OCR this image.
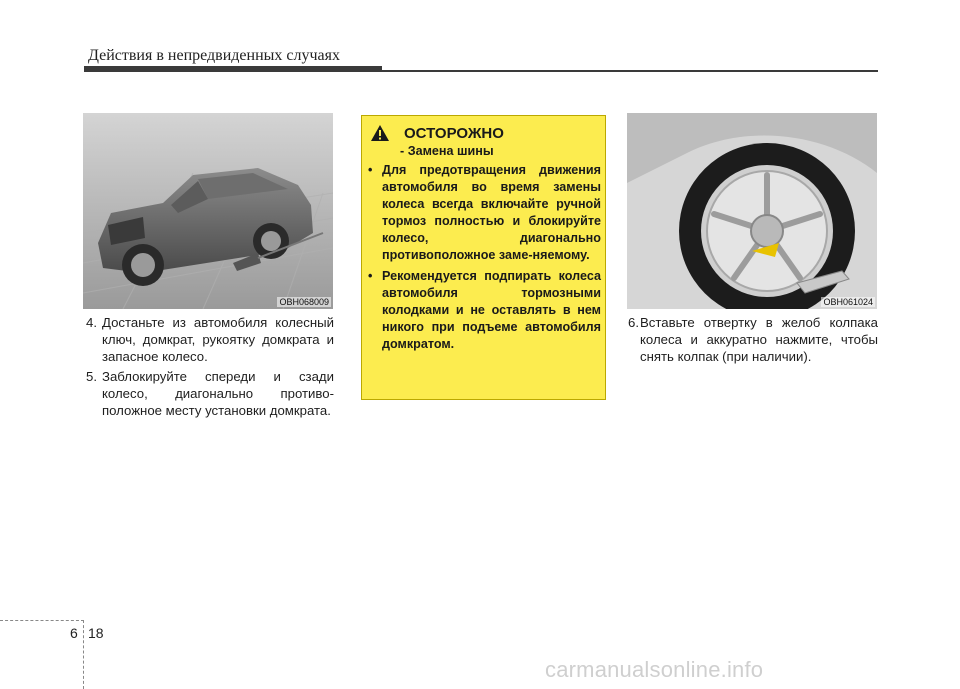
Действия в непредвиденных случаях
OBH068009
4. Достаньте из автомобиля колесный ключ, домкрат, рукоятку домкрата и запасное колесо.
5. Заблокируйте спереди и сзади колесо, диагонально противо-положное месту установки домкрата.
ОСТОРОЖНО
- Замена шины
• Для предотвращения движения автомобиля во время замены колеса всегда включайте ручной тормоз полностью и блокируйте колесо, диагонально противоположное заме-няемому.
• Рекомендуется подпирать колеса автомобиля тормозными колодками и не оставлять в нем никого при подъеме автомобиля домкратом.
OBH061024
6. Вставьте отвертку в желоб колпака колеса и аккуратно нажмите, чтобы снять колпак (при наличии).
6 18
carmanualsonline.info
